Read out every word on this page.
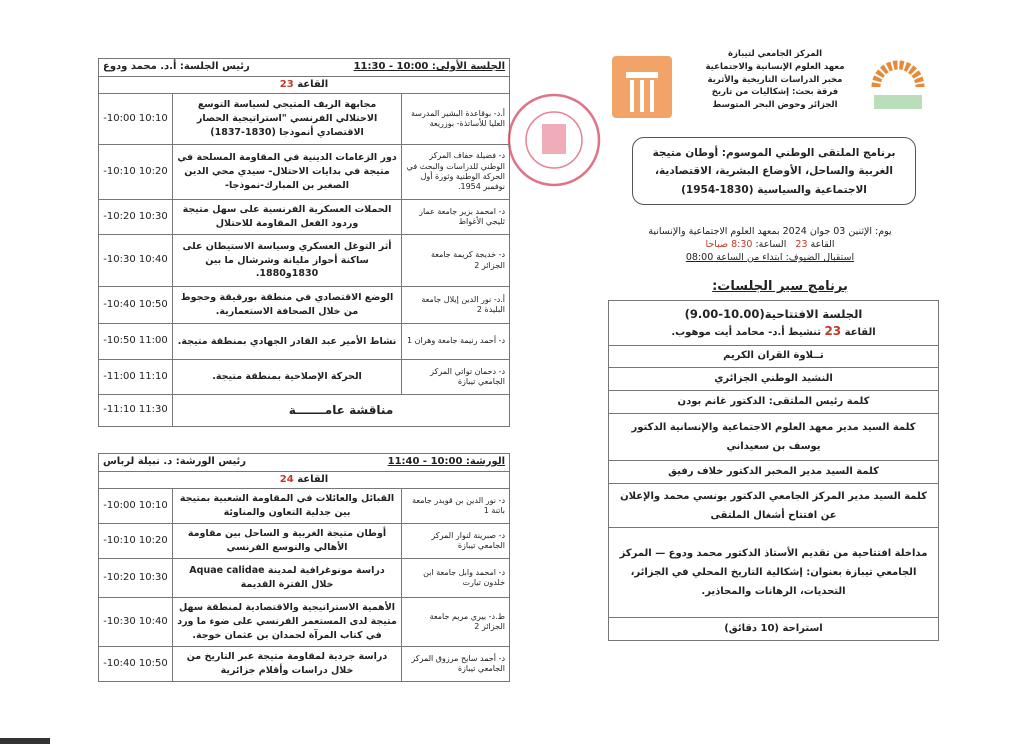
المركز الجامعي لتيبازة
معهد العلوم الإنسانية والاجتماعية
مخبر الدراسات التاريخية والأثرية
فرقة بحث: إشكاليات من تاريخ
الجزائر وحوض البحر المتوسط
برنامج الملتقى الوطني الموسوم: أوطان متيجة الغربية والساحل، الأوضاع البشرية، الاقتصادية، الاجتماعية والسياسية (1830-1954)
يوم: الإثنين 03 جوان 2024 بمعهد العلوم الاجتماعية والإنسانية
القاعة 23   الساعة: 8:30 صباحا
استقبال الضيوف: ابتداء من الساعة 08:00
برنامج سير الجلسات:
الجلسة الافتتاحية(10.00-9.00)
القاعة 23 تنشيط أ.د- محامد أيت موهوب.

تــلاوة القران الكريم
النشيد الوطني الجزائري
كلمة رئيس الملتقى: الدكتور غانم بودن
كلمة السيد مدير معهد العلوم الاجتماعية والإنسانية الدكتور يوسف بن سعيداني
كلمة السيد مدير المخبر الدكتور خلاف رفيق
كلمة السيد مدير المركز الجامعي الدكتور يونسي محمد والإعلان عن افتتاح أشغال الملتقى
مداخلة افتتاحية من تقديم الأستاذ الدكتور محمد ودوع — المركز الجامعي تيبازة بعنوان: إشكالية التاريخ المحلي في الجزائر، التحديات، الرهانات والمحاذير.
استراحة (10 دقائق)
الجلسة الأولى: 10:00 - 11:30
رئيس الجلسة: أ.د. محمد ودوع		

القاعة 23		
أ.د- بوقاعدة البشير المدرسة العليا للأساتذة- بوزريعة	مجابهة الريف المتيجي لسياسة التوسع الاحتلالي الفرنسي "استراتيجية الحصار الاقتصادي أنموذجا (1830-1837)	-10:00 10:10
د- فضيلة حفاف المركز الوطني للدراسات والبحث في الحركة الوطنية وثورة أول نوفمبر 1954.	دور الزعامات الدينية في المقاومة المسلحة في متيجة في بدايات الاحتلال- سيدي محي الدين الصغير بن المبارك-نموذجا-	-10:10 10:20
د- امحمد بزير جامعة عمار ثليجي الأغواط	الحملات العسكرية الفرنسية على سهل متيجة وردود الفعل المقاومة للاحتلال	-10:20 10:30
د- خديجة كريمة جامعة الجزائر 2	أثر التوغل العسكري وسياسة الاستيطان على ساكنة أحواز مليانة وشرشال ما بين 1830و1880.	-10:30 10:40
أ.د- نور الدين إيلال جامعة البليدة 2	الوضع الاقتصادي في منطقة بورقيقة وحجوط من خلال الصحافة الاستعمارية.	-10:40 10:50
د- أحمد رنيمة جامعة وهران 1	نشاط الأمير عبد القادر الجهادي بمنطقة متيجة.	-10:50 11:00
د- دحمان تواتي المركز الجامعي تيبازة	الحركة الإصلاحية بمنطقة متيجة.	-11:00 11:10
مناقشة عامـــــــة		-11:10 11:30
الورشة: 10:00 - 11:40
رئيس الورشة: د. نبيلة لرباس		

القاعة 24		
د- نور الدين بن قويدر جامعة باتنة 1	القبائل والعائلات في المقاومة الشعبية بمتيجة بين جدلية التعاون والمناوئة	-10:00 10:10
د- صبرينة لنوار المركز الجامعي تيبازة	أوطان متيجة الغربية و الساحل بين مقاومة الأهالي والتوسع الفرنسي	-10:10 10:20
د- امحمد وابل جامعة ابن خلدون تيارت	دراسة مونوغرافية لمدينة Aquae calidae خلال الفترة القديمة	-10:20 10:30
ط.د- بيري مريم جامعة الجزائر 2	الأهمية الاستراتيجية والاقتصادية لمنطقة سهل متيجة لدى المستعمر الفرنسي على ضوء ما ورد في كتاب المرآة لحمدان بن عثمان خوجة.	-10:30 10:40
د- أحمد سايح مرزوق المركز الجامعي تيبازة	دراسة جردية لمقاومة متيجة عبر التاريخ من خلال دراسات وأقلام جزائرية	-10:40 10:50
